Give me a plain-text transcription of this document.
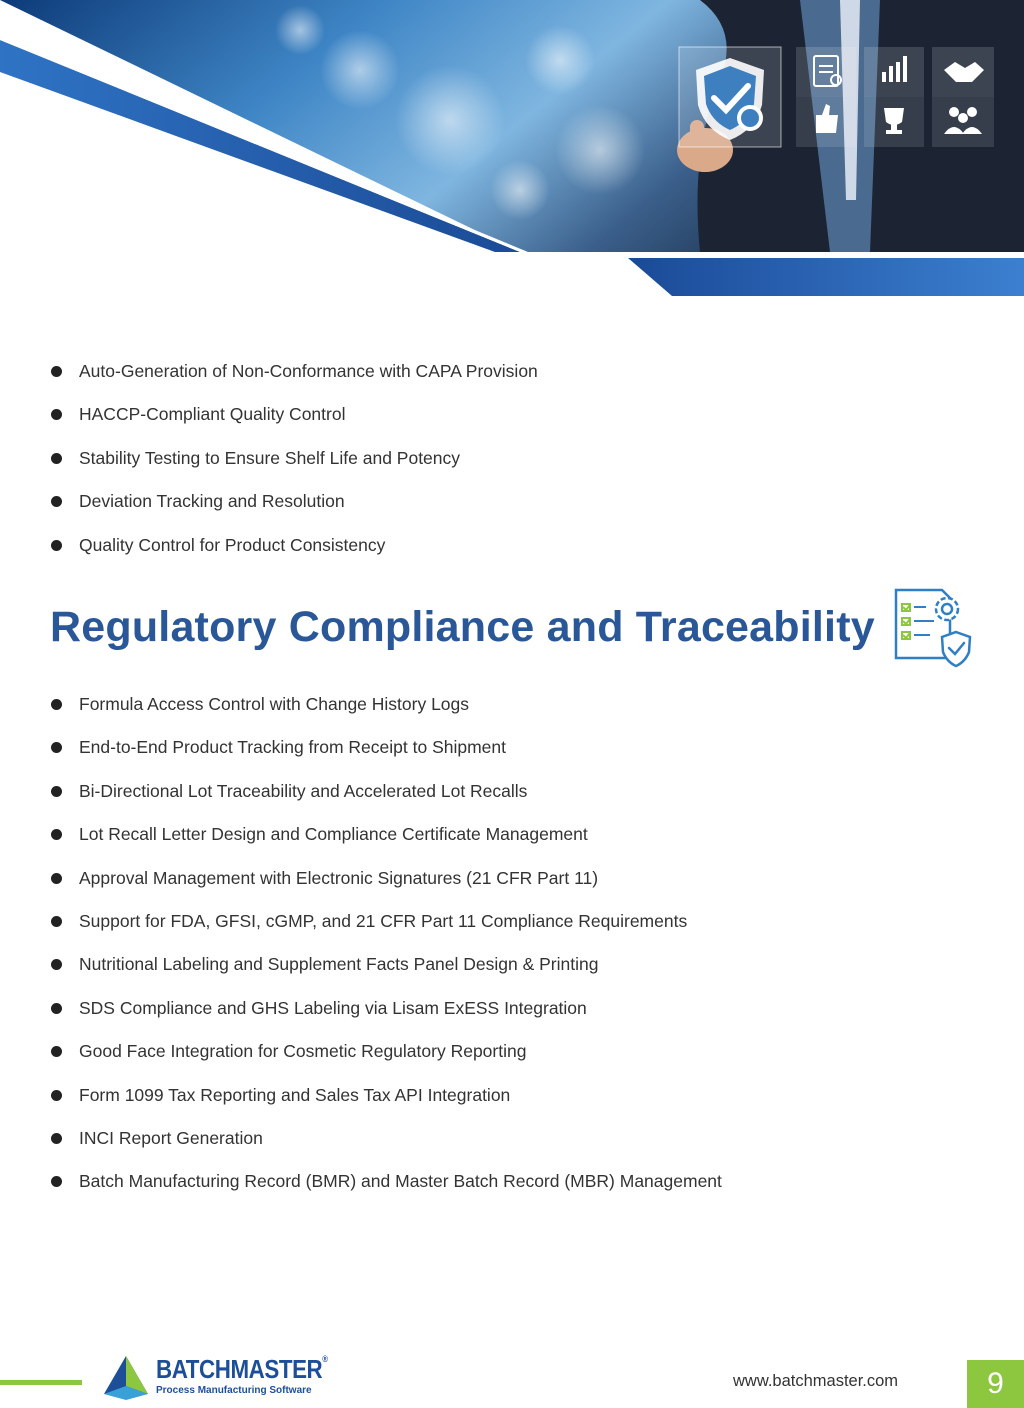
Auto-Generation of Non-Conformance with CAPA Provision
HACCP-Compliant Quality Control
Stability Testing to Ensure Shelf Life and Potency
Deviation Tracking and Resolution
Quality Control for Product Consistency
Regulatory Compliance and Traceability
Formula Access Control with Change History Logs
End-to-End Product Tracking from Receipt to Shipment
Bi-Directional Lot Traceability and Accelerated Lot Recalls
Lot Recall Letter Design and Compliance Certificate Management
Approval Management with Electronic Signatures (21 CFR Part 11)
Support for FDA, GFSI, cGMP, and 21 CFR Part 11 Compliance Requirements
Nutritional Labeling and Supplement Facts Panel Design & Printing
SDS Compliance and GHS Labeling via Lisam ExESS Integration
Good Face Integration for Cosmetic Regulatory Reporting
Form 1099 Tax Reporting and Sales Tax API Integration
INCI Report Generation
Batch Manufacturing Record (BMR) and Master Batch Record (MBR) Management
BATCHMASTER®
Process Manufacturing Software
www.batchmaster.com	9
